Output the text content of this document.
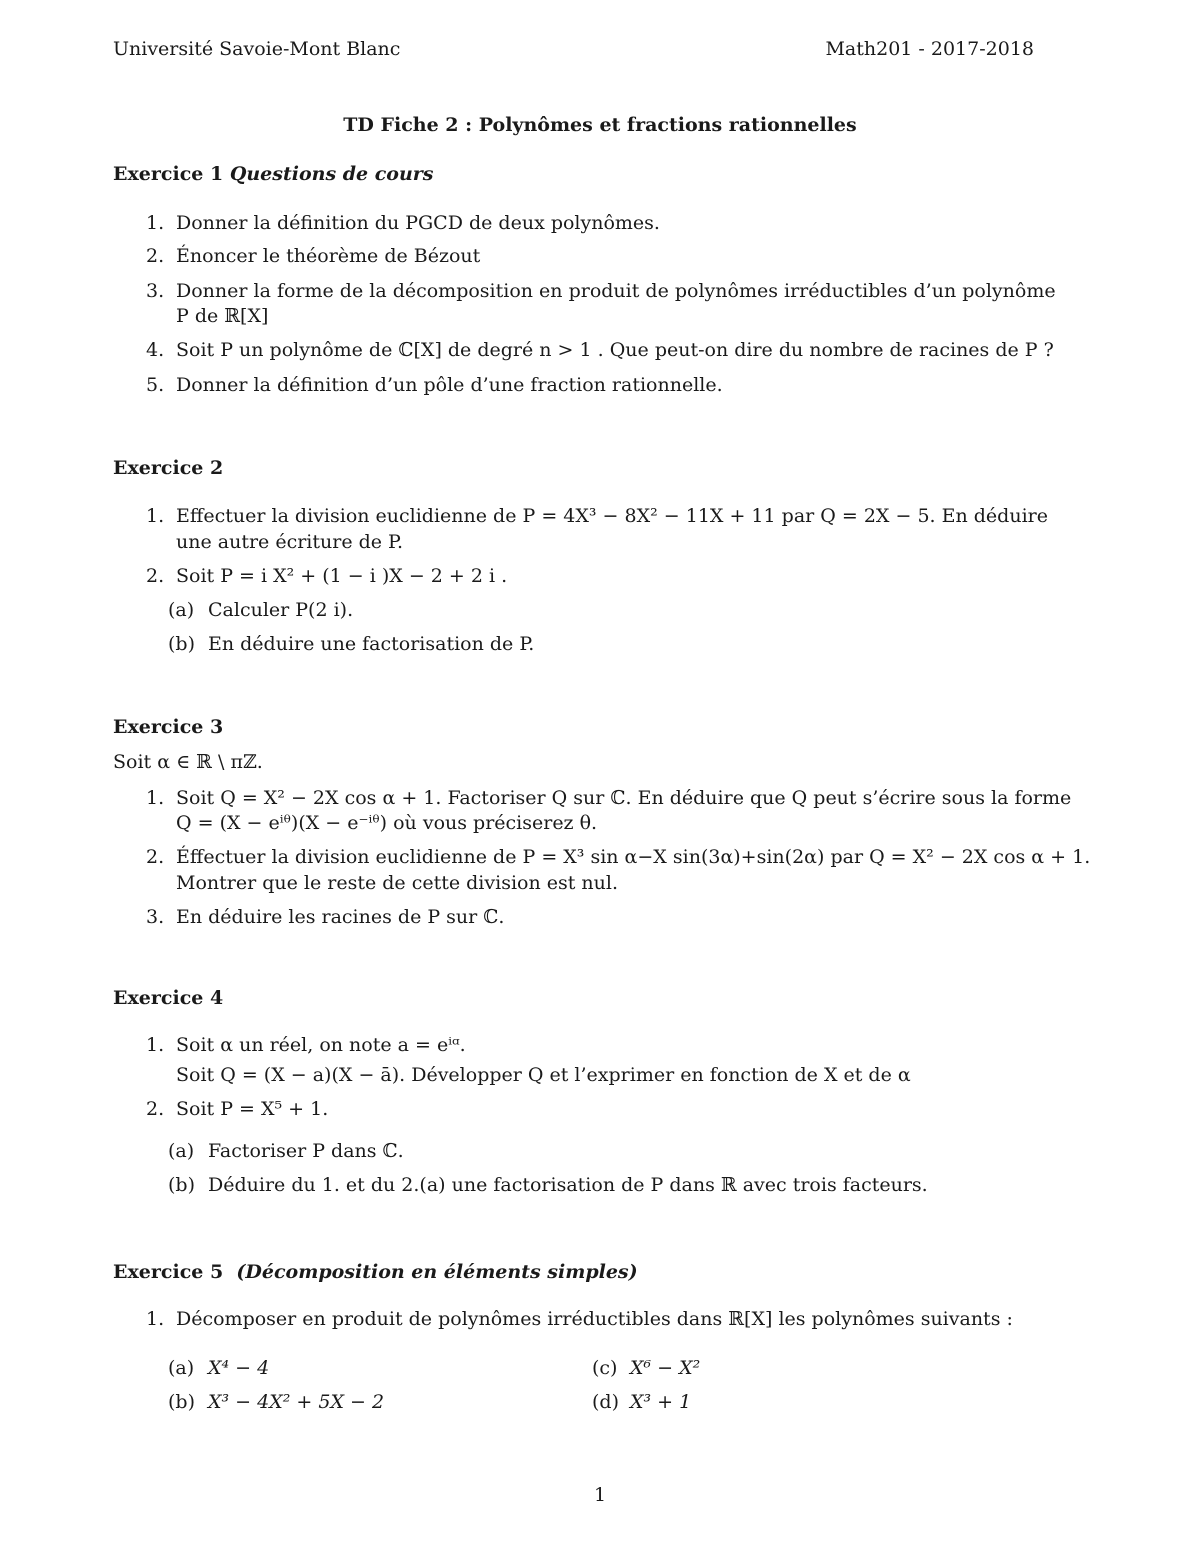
Université Savoie-Mont Blanc	Math201 - 2017-2018
TD Fiche 2 : Polynômes et fractions rationnelles
Exercice 1 Questions de cours
1. Donner la définition du PGCD de deux polynômes.
2. Énoncer le théorème de Bézout
3. Donner la forme de la décomposition en produit de polynômes irréductibles d’un polynôme
P de ℝ[X]
4. Soit P un polynôme de ℂ[X] de degré n > 1 . Que peut-on dire du nombre de racines de P ?
5. Donner la définition d’un pôle d’une fraction rationnelle.
Exercice 2
1. Effectuer la division euclidienne de P = 4X³ − 8X² − 11X + 11 par Q = 2X − 5. En déduire
une autre écriture de P.
2. Soit P = i X² + (1 − i )X − 2 + 2 i .
(a) Calculer P(2 i).
(b) En déduire une factorisation de P.
Exercice 3
Soit α ∈ ℝ \ πℤ.
1. Soit Q = X² − 2X cos α + 1. Factoriser Q sur ℂ. En déduire que Q peut s’écrire sous la forme
Q = (X − eⁱᶿ)(X − e⁻ⁱᶿ) où vous préciserez θ.
2. Éffectuer la division euclidienne de P = X³ sin α−X sin(3α)+sin(2α) par Q = X² − 2X cos α + 1.
Montrer que le reste de cette division est nul.
3. En déduire les racines de P sur ℂ.
Exercice 4
1. Soit α un réel, on note a = eⁱᵅ.
Soit Q = (X − a)(X − ā). Développer Q et l’exprimer en fonction de X et de α
2. Soit P = X⁵ + 1.
(a) Factoriser P dans ℂ.
(b) Déduire du 1. et du 2.(a) une factorisation de P dans ℝ avec trois facteurs.
Exercice 5 (Décomposition en éléments simples)
1. Décomposer en produit de polynômes irréductibles dans ℝ[X] les polynômes suivants :
(a) X⁴ − 4
(b) X³ − 4X² + 5X − 2
(c) X⁶ − X²
(d) X³ + 1
1
